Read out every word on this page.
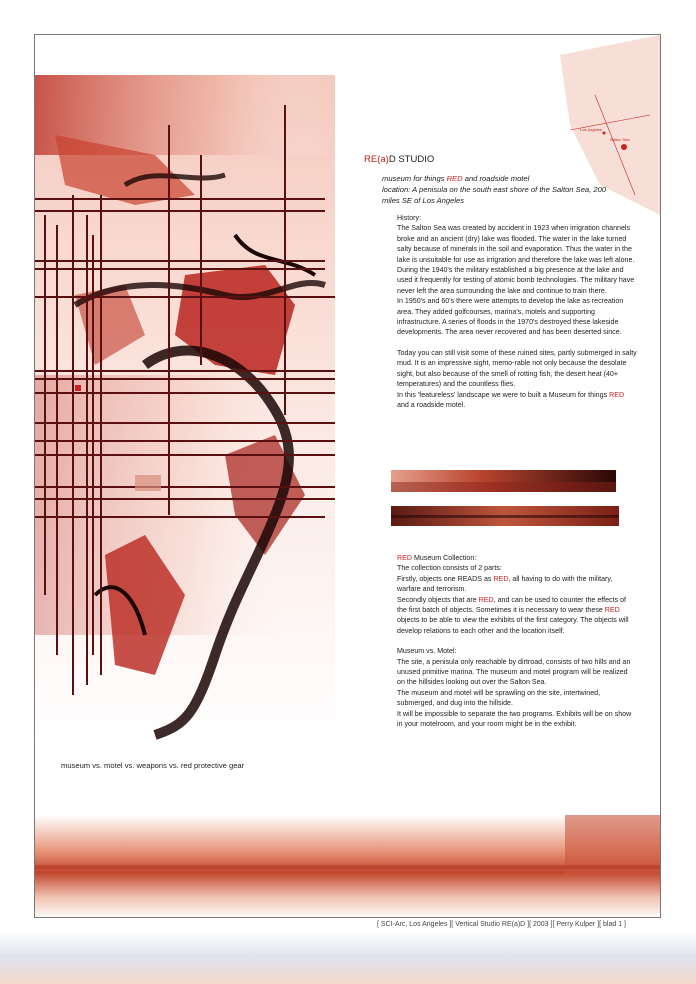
Los Angeles
Salton Sea
RE(a)D STUDIO
museum for things RED and roadside motel
location: A penisula on the south east shore of the Salton Sea, 200 miles SE of Los Angeles

History:

The Salton Sea was created by accident in 1923 when irrigration channels broke and an ancient (dry) lake was flooded. The water in the lake turned salty because of minerals in the soil and evaporation. Thus the water in the lake is unsuitable for use as irrigration and therefore the lake was left alone.

During the 1940's the military established a big presence at the lake and used it frequently for testing of atomic bomb technologies. The military have never left the area surrounding the lake and continue to train there.

In 1950's and 60's there were attempts to develop the lake as recreation area. They added golfcourses, marina's, motels and supporting infrastructure. A series of floods in the 1970's destroyed these lakeside developments. The area never recovered and has been deserted since.

Today you can still visit some of these ruined sites, partly submerged in salty mud. It is an impressive sight, memo-rable not only because the desolate sight, but also because of the smell of rotting fish, the desert heat (40+ temperatures) and the countless flies.

In this 'featureless' landscape we were to built a Museum for things RED and a roadside motel.

RED Museum Collection:

The collection consists of 2 parts:

Firstly, objects one READS as RED, all having to do with the military, warfare and terrorism.

Secondly objects that are RED, and can be used to counter the effects of the first batch of objects. Sometimes it is necessary to wear these RED objects to be able to view the exhibits of the first category. The objects will develop relations to each other and the location itself.

Museum vs. Motel:

The site, a penisula only reachable by dirtroad, consists of two hills and an unused primitive marina. The museum and motel program will be realized on the hillsides looking out over the Salton Sea.

The museum and motel will be sprawling on the site, intertwined, submerged, and dug into the hillside.

It will be impossible to separate the two programs. Exhibits will be on show in your motelroom, and your room might be in the exhibit.

museum vs. motel vs. weapons vs. red protective gear
[ SCI-Arc, Los Angeles ][ Vertical Studio RE(a)D ][ 2003 ][ Perry Kulper ][ blad 1 ]
